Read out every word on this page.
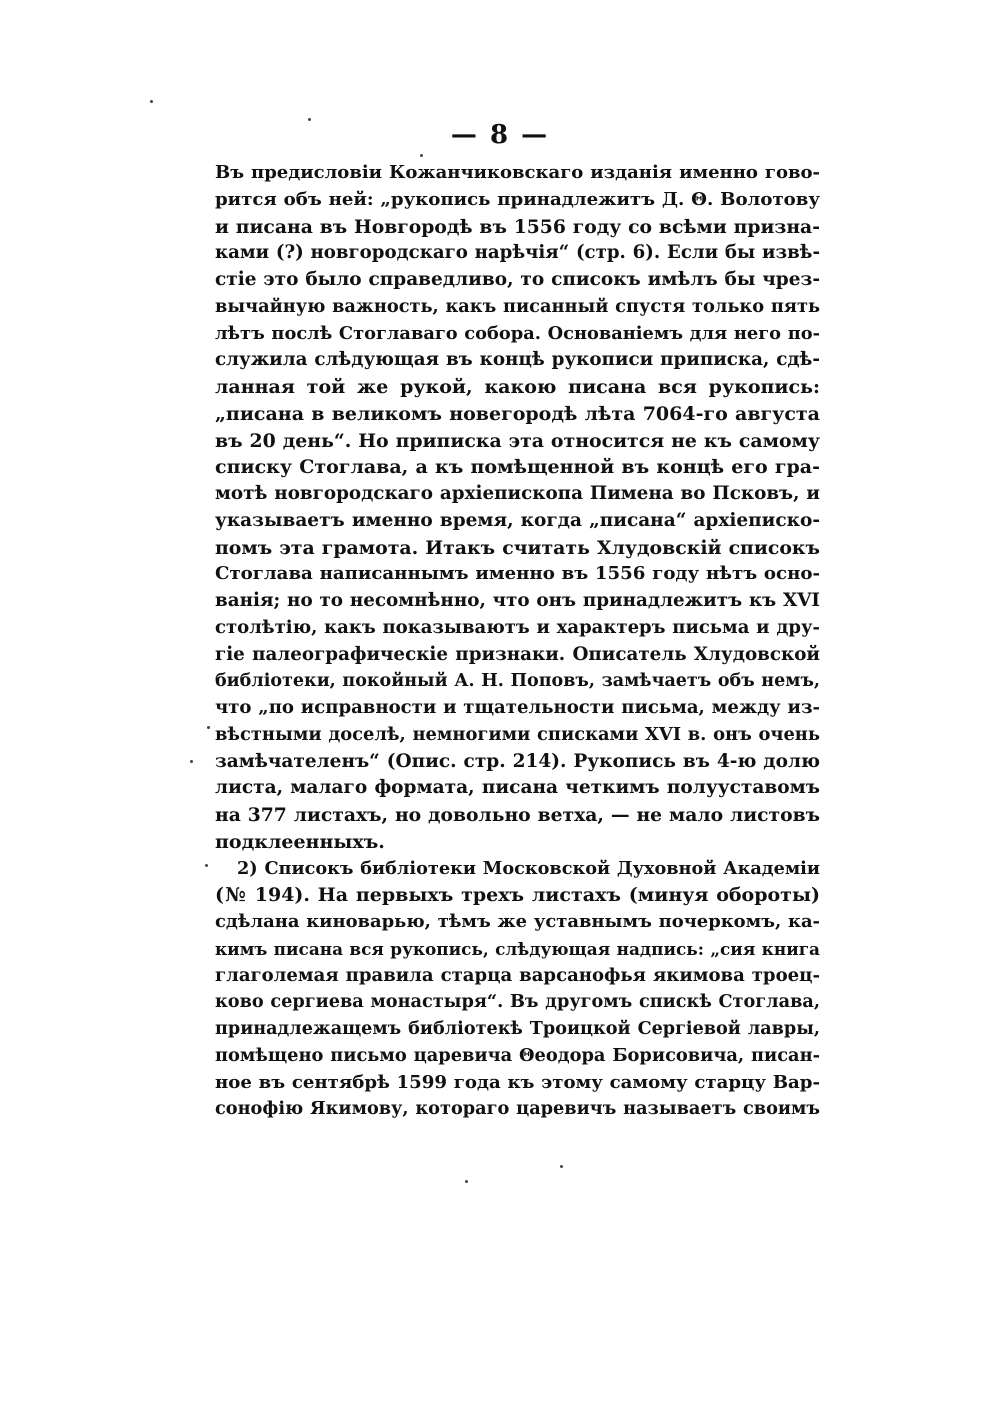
— 8 —
Въ предисловіи Кожанчиковскаго изданія именно гово-
рится объ ней: „рукопись принадлежитъ Д. Θ. Волотову
и писана въ Новгородѣ въ 1556 году со всѣми призна-
ками (?) новгородскаго нарѣчія“ (стр. 6). Если бы извѣ-
стіе это было справедливо, то списокъ имѣлъ бы чрез-
вычайную важность, какъ писанный спустя только пять
лѣтъ послѣ Стоглаваго собора. Основаніемъ для него по-
служила слѣдующая въ концѣ рукописи приписка, сдѣ-
ланная той же рукой, какою писана вся рукопись:
„писана в великомъ новегородѣ лѣта 7064-го августа
въ 20 день“. Но приписка эта относится не къ самому
списку Стоглава, а къ помѣщенной въ концѣ его гра-
мотѣ новгородскаго архіепископа Пимена во Псковъ, и
указываетъ именно время, когда „писана“ архіеписко-
помъ эта грамота. Итакъ считать Хлудовскій списокъ
Стоглава написаннымъ именно въ 1556 году нѣтъ осно-
ванія; но то несомнѣнно, что онъ принадлежитъ къ XVI
столѣтію, какъ показываютъ и характеръ письма и дру-
гіе палеографическіе признаки. Описатель Хлудовской
библіотеки, покойный А. Н. Поповъ, замѣчаетъ объ немъ,
что „по исправности и тщательности письма, между из-
вѣстными доселѣ, немногими списками XVI в. онъ очень
замѣчателенъ“ (Опис. стр. 214). Рукопись въ 4-ю долю
листа, малаго формата, писана четкимъ полууставомъ
на 377 листахъ, но довольно ветха, — не мало листовъ
подклеенныхъ.
2) Списокъ библіотеки Московской Духовной Академіи
(№ 194). На первыхъ трехъ листахъ (минуя обороты)
сдѣлана киноварью, тѣмъ же уставнымъ почеркомъ, ка-
кимъ писана вся рукопись, слѣдующая надпись: „сия книга
глаголемая правила старца варсанофья якимова троец-
ково сергиева монастыря“. Въ другомъ спискѣ Стоглава,
принадлежащемъ библіотекѣ Троицкой Сергіевой лавры,
помѣщено письмо царевича Θеодора Борисовича, писан-
ное въ сентябрѣ 1599 года къ этому самому старцу Вар-
сонофію Якимову, котораго царевичъ называетъ своимъ
